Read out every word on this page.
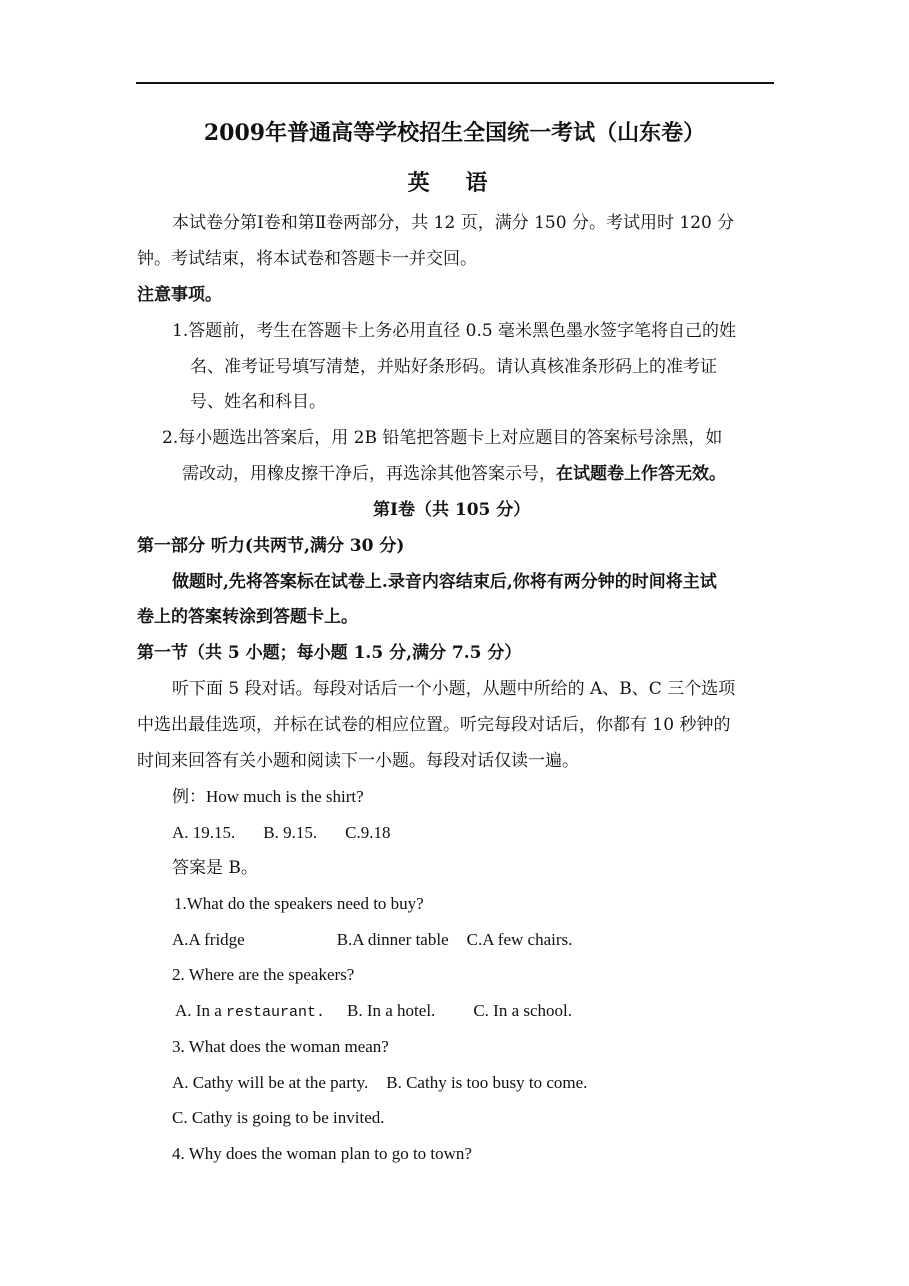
2009年普通高等学校招生全国统一考试（山东卷）
英 语
本试卷分第Ⅰ卷和第Ⅱ卷两部分，共 12 页，满分 150 分。考试用时 120 分
钟。考试结束，将本试卷和答题卡一并交回。
注意事项。
1.答题前，考生在答题卡上务必用直径 0.5 毫米黑色墨水签字笔将自己的姓
名、准考证号填写清楚，并贴好条形码。请认真核准条形码上的准考证
号、姓名和科目。
2.每小题选出答案后，用 2B 铅笔把答题卡上对应题目的答案标号涂黑，如
需改动，用橡皮擦干净后，再选涂其他答案示号，在试题卷上作答无效。
第Ⅰ卷（共 105 分）
第一部分 听力(共两节,满分 30 分)
做题时,先将答案标在试卷上.录音内容结束后,你将有两分钟的时间将主试
卷上的答案转涂到答题卡上。
第一节（共 5 小题；每小题 1.5 分,满分 7.5 分）
听下面 5 段对话。每段对话后一个小题，从题中所给的 A、B、C 三个选项
中选出最佳选项，并标在试卷的相应位置。听完每段对话后，你都有 10 秒钟的
时间来回答有关小题和阅读下一小题。每段对话仅读一遍。
例：How much is the shirt?
A. 19.15. B. 9.15. C.9.18
答案是 B。
1.What do the speakers need to buy?
A.A fridge	B.A dinner table C.A few chairs.
2. Where are the speakers?
A. In a restaurant. B. In a hotel. C. In a school.
3. What does the woman mean?
A. Cathy will be at the party. B. Cathy is too busy to come.
C. Cathy is going to be invited.
4. Why does the woman plan to go to town?
